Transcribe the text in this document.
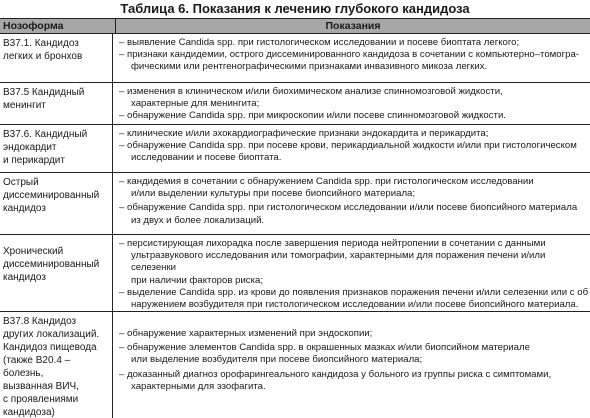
Таблица 6. Показания к лечению глубокого кандидоза
Нозоформа	Показания
В37.1. Кандидоз
легких и бронхов
– выявление Candida spp. при гистологическом исследовании и посеве биоптата легкого;
– признаки кандидемии, острого диссеминированного кандидоза в сочетании с компьютерно–томогра-
фическими или рентгенографическими признаками инвазивного микоза легких.
В37.5 Кандидный
менингит
– изменения в клиническом и/или биохимическом анализе спинномозговой жидкости,
характерные для менингита;
– обнаружение Candida spp. при микроскопии и/или посеве спинномозговой жидкости.
В37.6. Кандидный
эндокардит
и перикардит
– клинические и/или эхокардиографические признаки эндокардита и перикардита;
– обнаружение Candida spp. при посеве крови, перикардиальной жидкости и/или при гистологическом
исследовании и посеве биоптата.
Острый
диссеминированный
кандидоз
– кандидемия в сочетании с обнаружением Candida spp. при гистологическом исследовании
и/или выделении культуры при посеве биопсийного материала;
– обнаружение Candida spp. при гистологическом исследовании и/или посеве биопсийного материала
из двух и более локализаций.
Хронический
диссеминированный
кандидоз
– персистирующая лихорадка после завершения периода нейтропении в сочетании с данными
ультразвукового исследования или томографии, характерными для поражения печени и/или селезенки
при наличии факторов риска;
– выделение Candida spp. из крови до появления признаков поражения печени и/или селезенки или с об
наружением возбудителя при гистологическом исследовании и/или посеве биопсийного материала.
В37.8 Кандидоз
других локализаций.
Кандидоз пищевода
(также В20.4 – болезнь,
вызванная ВИЧ,
с проявлениями
кандидоза)
– обнаружение характерных изменений при эндоскопии;
– обнаружение элементов Candida spp. в окрашенных мазках и/или биопсийном материале
или выделение возбудителя при посеве биопсийного материала;
– доказанный диагноз орофарингеального кандидоза у больного из группы риска с симптомами,
характерными для эзофагита.
